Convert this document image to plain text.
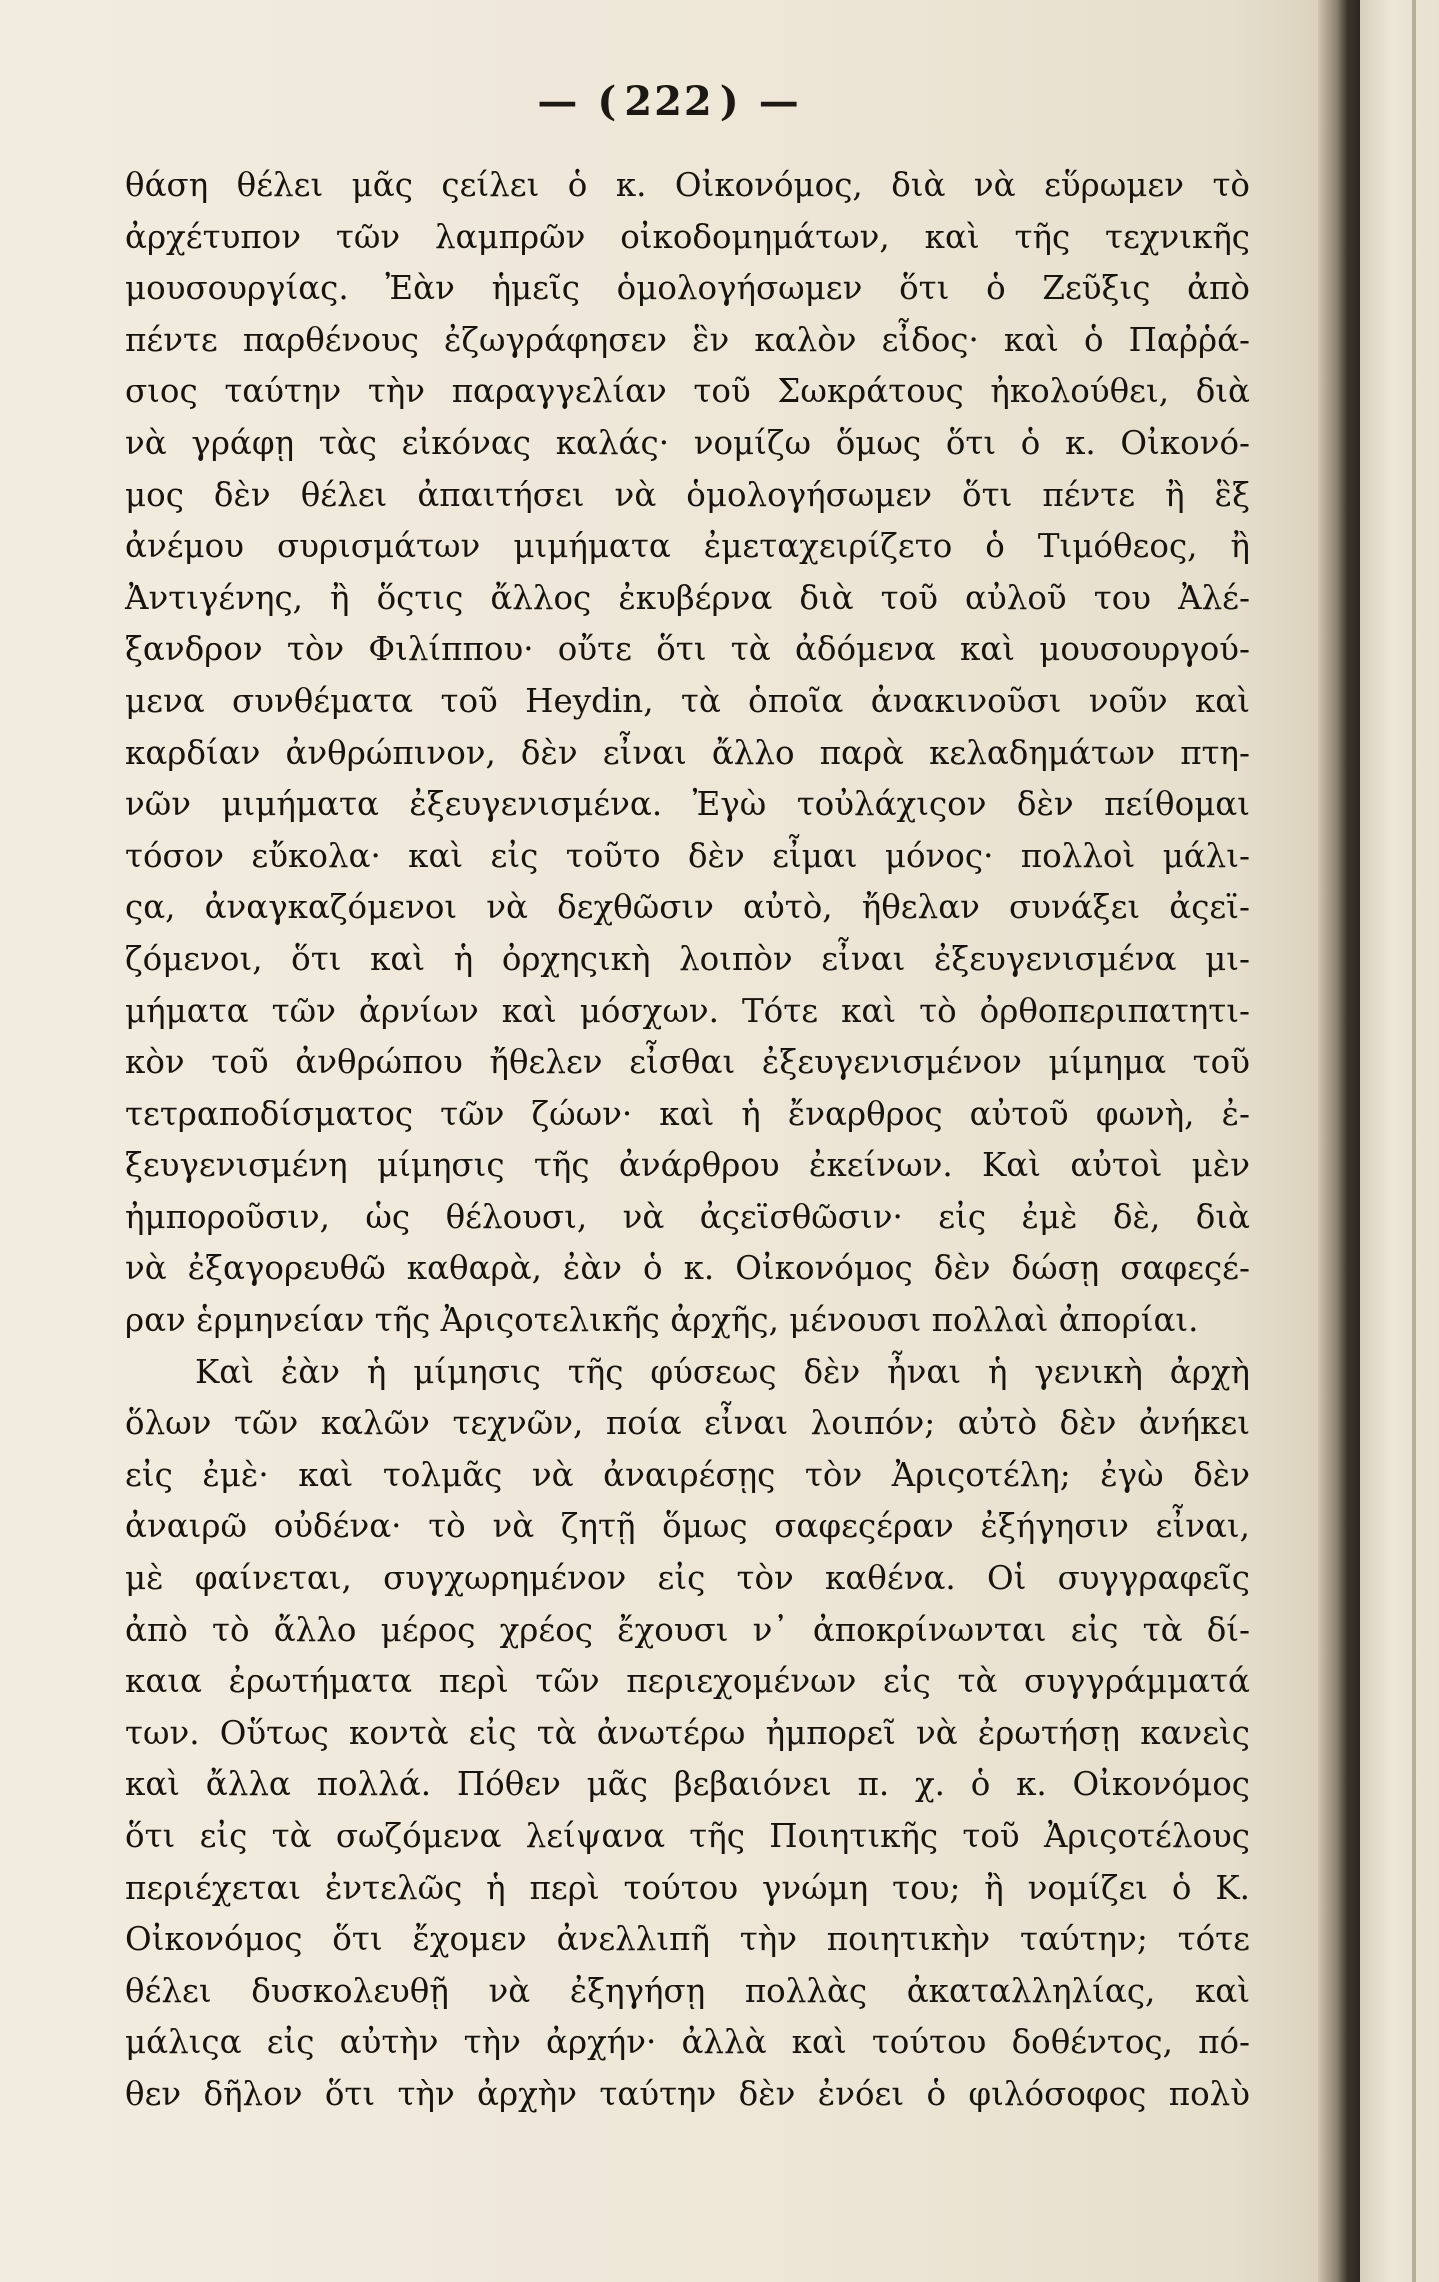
— ( 222 ) —
θάση θέλει μᾶς ςείλει ὁ κ. Οἰκονόμος, διὰ νὰ εὕρωμεν τὸ
ἀρχέτυπον τῶν λαμπρῶν οἰκοδομημάτων, καὶ τῆς τεχνικῆς
μουσουργίας. Ἐὰν ἡμεῖς ὁμολογήσωμεν ὅτι ὁ Ζεῦξις ἀπὸ
πέντε παρθένους ἐζωγράφησεν ἓν καλὸν εἶδος· καὶ ὁ Παῤῥά-
σιος ταύτην τὴν παραγγελίαν τοῦ Σωκράτους ἠκολούθει, διὰ
νὰ γράφῃ τὰς εἰκόνας καλάς· νομίζω ὅμως ὅτι ὁ κ. Οἰκονό-
μος δὲν θέλει ἀπαιτήσει νὰ ὁμολογήσωμεν ὅτι πέντε ἢ ἓξ
ἀνέμου συρισμάτων μιμήματα ἐμεταχειρίζετο ὁ Τιμόθεος, ἢ
Ἀντιγένης, ἢ ὅςτις ἄλλος ἐκυβέρνα διὰ τοῦ αὐλοῦ του Ἀλέ-
ξανδρον τὸν Φιλίππου· οὔτε ὅτι τὰ ἀδόμενα καὶ μουσουργού-
μενα συνθέματα τοῦ Heydin, τὰ ὁποῖα ἀνακινοῦσι νοῦν καὶ
καρδίαν ἀνθρώπινον, δὲν εἶναι ἄλλο παρὰ κελαδημάτων πτη-
νῶν μιμήματα ἐξευγενισμένα. Ἐγὼ τοὐλάχιςον δὲν πείθομαι
τόσον εὔκολα· καὶ εἰς τοῦτο δὲν εἶμαι μόνος· πολλοὶ μάλι-
ςα, ἀναγκαζόμενοι νὰ δεχθῶσιν αὐτὸ, ἤθελαν συνάξει ἀςεϊ-
ζόμενοι, ὅτι καὶ ἡ ὀρχηςικὴ λοιπὸν εἶναι ἐξευγενισμένα μι-
μήματα τῶν ἀρνίων καὶ μόσχων. Τότε καὶ τὸ ὀρθοπεριπατητι-
κὸν τοῦ ἀνθρώπου ἤθελεν εἶσθαι ἐξευγενισμένον μίμημα τοῦ
τετραποδίσματος τῶν ζώων· καὶ ἡ ἔναρθρος αὐτοῦ φωνὴ, ἐ-
ξευγενισμένη μίμησις τῆς ἀνάρθρου ἐκείνων. Καὶ αὐτοὶ μὲν
ἠμποροῦσιν, ὡς θέλουσι, νὰ ἀςεϊσθῶσιν· εἰς ἐμὲ δὲ, διὰ
νὰ ἐξαγορευθῶ καθαρὰ, ἐὰν ὁ κ. Οἰκονόμος δὲν δώσῃ σαφεςέ-
ραν ἑρμηνείαν τῆς Ἀριςοτελικῆς ἀρχῆς, μένουσι πολλαὶ ἀπορίαι.
Καὶ ἐὰν ἡ μίμησις τῆς φύσεως δὲν ἦναι ἡ γενικὴ ἀρχὴ
ὅλων τῶν καλῶν τεχνῶν, ποία εἶναι λοιπόν; αὐτὸ δὲν ἀνήκει
εἰς ἐμὲ· καὶ τολμᾶς νὰ ἀναιρέσῃς τὸν Ἀριςοτέλη; ἐγὼ δὲν
ἀναιρῶ οὐδένα· τὸ νὰ ζητῇ ὅμως σαφεςέραν ἐξήγησιν εἶναι,
μὲ φαίνεται, συγχωρημένον εἰς τὸν καθένα. Οἱ συγγραφεῖς
ἀπὸ τὸ ἄλλο μέρος χρέος ἔχουσι ν᾽ ἀποκρίνωνται εἰς τὰ δί-
καια ἐρωτήματα περὶ τῶν περιεχομένων εἰς τὰ συγγράμματά
των. Οὕτως κοντὰ εἰς τὰ ἀνωτέρω ἠμπορεῖ νὰ ἐρωτήσῃ κανεὶς
καὶ ἄλλα πολλά. Πόθεν μᾶς βεβαιόνει π. χ. ὁ κ. Οἰκονόμος
ὅτι εἰς τὰ σωζόμενα λείψανα τῆς Ποιητικῆς τοῦ Ἀριςοτέλους
περιέχεται ἐντελῶς ἡ περὶ τούτου γνώμη του; ἢ νομίζει ὁ Κ.
Οἰκονόμος ὅτι ἔχομεν ἀνελλιπῆ τὴν ποιητικὴν ταύτην; τότε
θέλει δυσκολευθῇ νὰ ἐξηγήσῃ πολλὰς ἀκαταλληλίας, καὶ
μάλιςα εἰς αὐτὴν τὴν ἀρχήν· ἀλλὰ καὶ τούτου δοθέντος, πό-
θεν δῆλον ὅτι τὴν ἀρχὴν ταύτην δὲν ἐνόει ὁ φιλόσοφος πολὺ
